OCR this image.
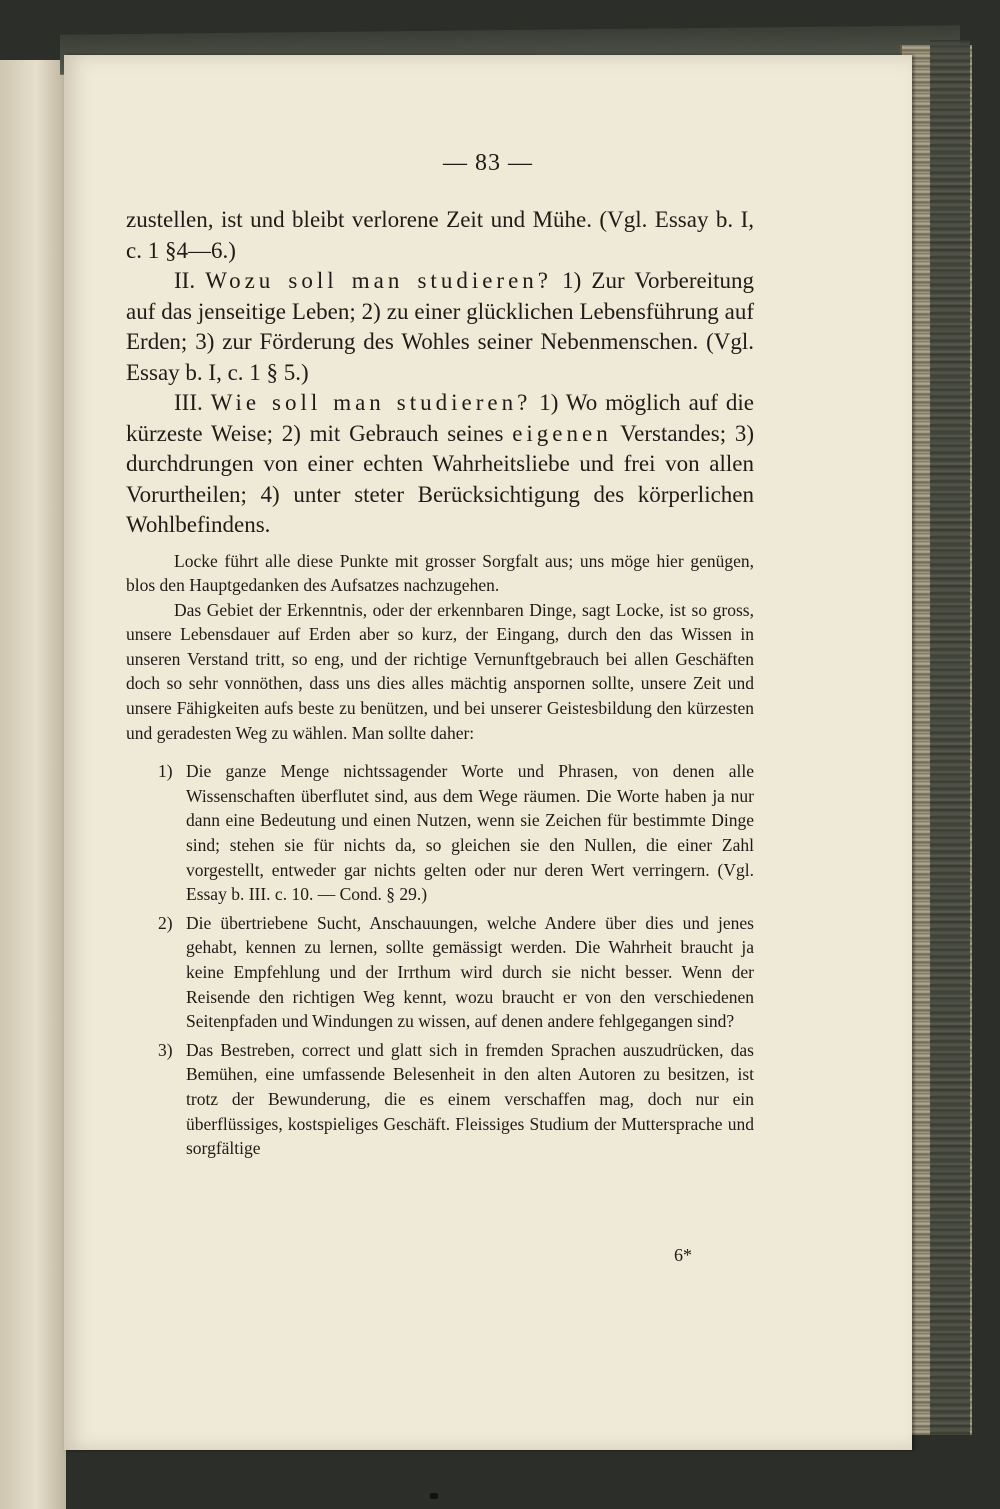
— 83 —

zustellen, ist und bleibt verlorene Zeit und Mühe. (Vgl. Essay b. I, c. 1 §4—6.)

II. Wozu soll man studieren? 1) Zur Vorbereitung auf das jenseitige Leben; 2) zu einer glücklichen Lebensführung auf Erden; 3) zur Förderung des Wohles seiner Nebenmenschen. (Vgl. Essay b. I, c. 1 § 5.)

III. Wie soll man studieren? 1) Wo möglich auf die kürzeste Weise; 2) mit Gebrauch seines eigenen Verstandes; 3) durchdrungen von einer echten Wahrheitsliebe und frei von allen Vorurtheilen; 4) unter steter Berücksichtigung des körperlichen Wohlbefindens.

Locke führt alle diese Punkte mit grosser Sorgfalt aus; uns möge hier genügen, blos den Hauptgedanken des Aufsatzes nachzugehen.

Das Gebiet der Erkenntnis, oder der erkennbaren Dinge, sagt Locke, ist so gross, unsere Lebensdauer auf Erden aber so kurz, der Eingang, durch den das Wissen in unseren Verstand tritt, so eng, und der richtige Vernunftgebrauch bei allen Geschäften doch so sehr vonnöthen, dass uns dies alles mächtig anspornen sollte, unsere Zeit und unsere Fähigkeiten aufs beste zu benützen, und bei unserer Geistesbildung den kürzesten und geradesten Weg zu wählen. Man sollte daher:

1) Die ganze Menge nichtssagender Worte und Phrasen, von denen alle Wissenschaften überflutet sind, aus dem Wege räumen. Die Worte haben ja nur dann eine Bedeutung und einen Nutzen, wenn sie Zeichen für bestimmte Dinge sind; stehen sie für nichts da, so gleichen sie den Nullen, die einer Zahl vorgestellt, entweder gar nichts gelten oder nur deren Wert verringern. (Vgl. Essay b. III. c. 10. — Cond. § 29.)
2) Die übertriebene Sucht, Anschauungen, welche Andere über dies und jenes gehabt, kennen zu lernen, sollte gemässigt werden. Die Wahrheit braucht ja keine Empfehlung und der Irrthum wird durch sie nicht besser. Wenn der Reisende den richtigen Weg kennt, wozu braucht er von den verschiedenen Seitenpfaden und Windungen zu wissen, auf denen andere fehlgegangen sind?
3) Das Bestreben, correct und glatt sich in fremden Sprachen auszudrücken, das Bemühen, eine umfassende Belesenheit in den alten Autoren zu besitzen, ist trotz der Bewunderung, die es einem verschaffen mag, doch nur ein überflüssiges, kostspieliges Geschäft. Fleissiges Studium der Muttersprache und sorgfältige
6*
